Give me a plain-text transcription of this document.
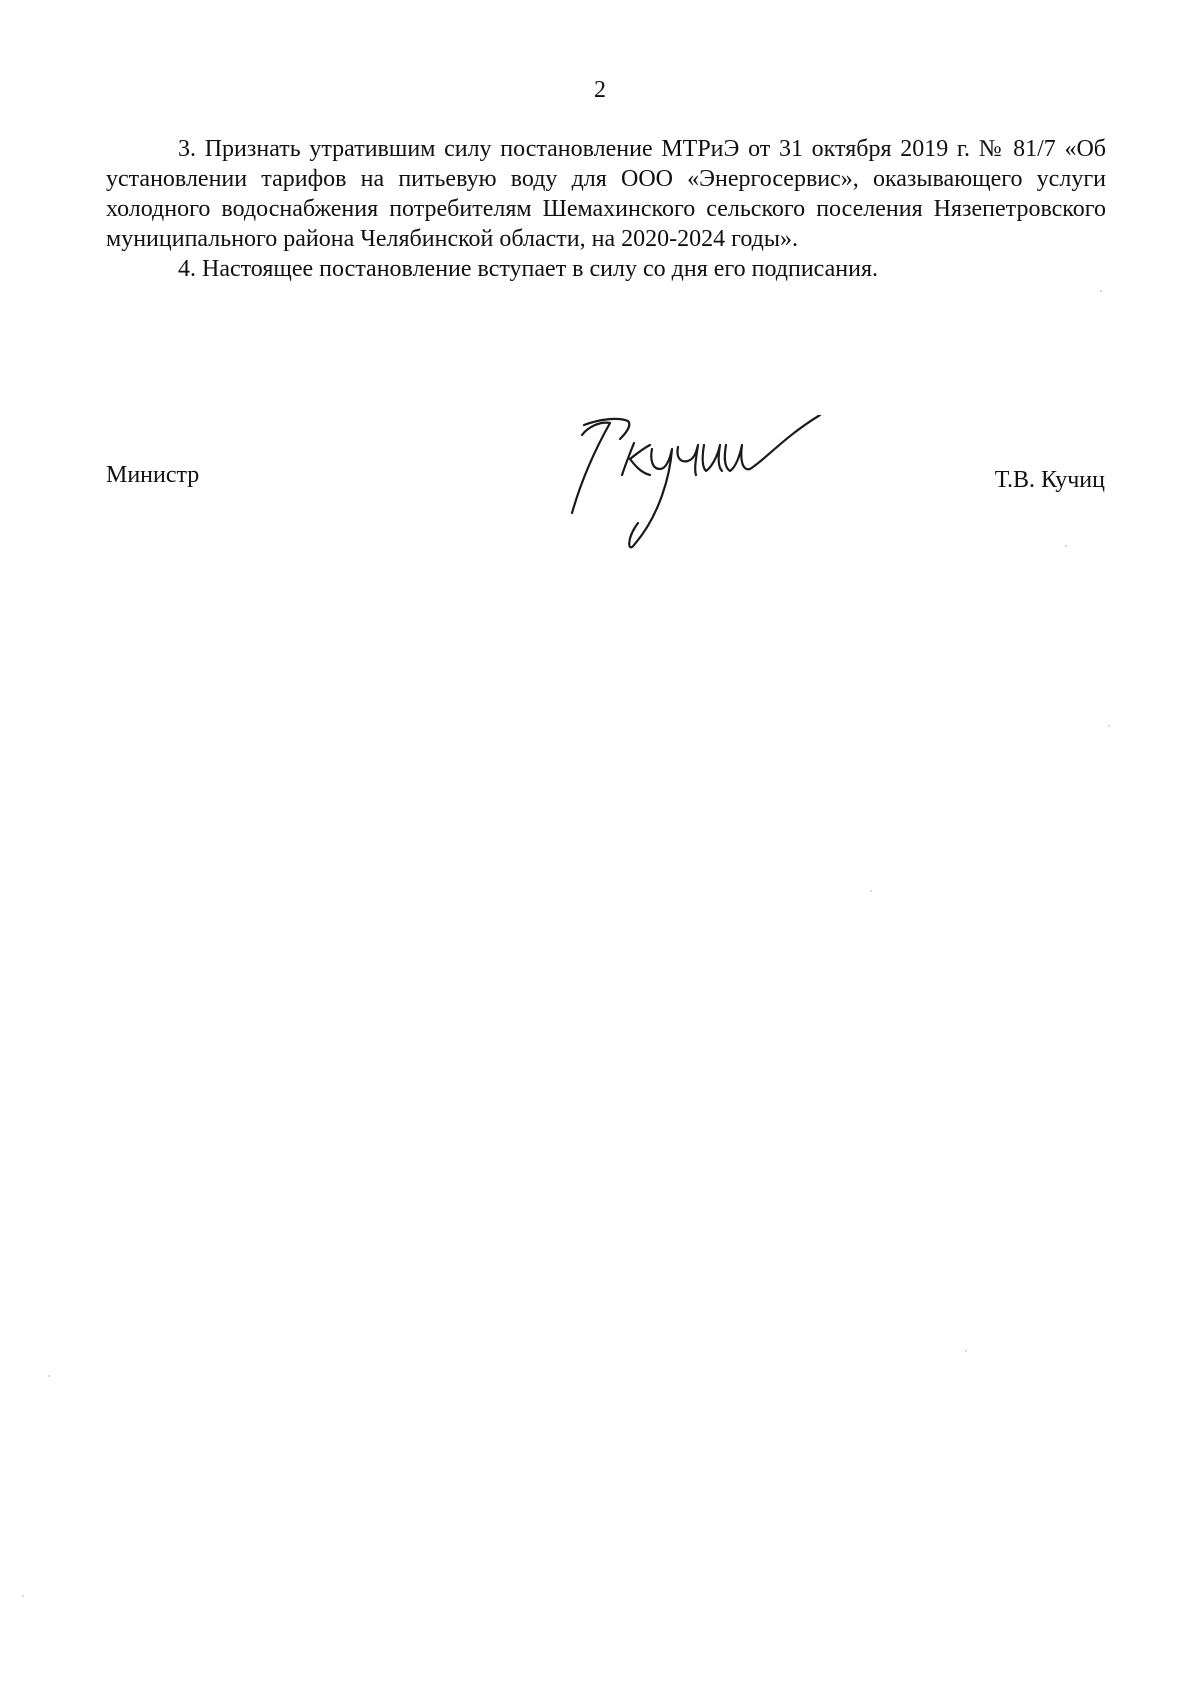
2

3. Признать утратившим силу постановление МТРиЭ от 31 октября 2019 г. № 81/7 «Об установлении тарифов на питьевую воду для ООО «Энергосервис», оказывающего услуги холодного водоснабжения потребителям Шемахинского сельского поселения Нязепетровского муниципального района Челябинской области, на 2020-2024 годы».

4. Настоящее постановление вступает в силу со дня его подписания.

Министр	Т.В. Кучиц
